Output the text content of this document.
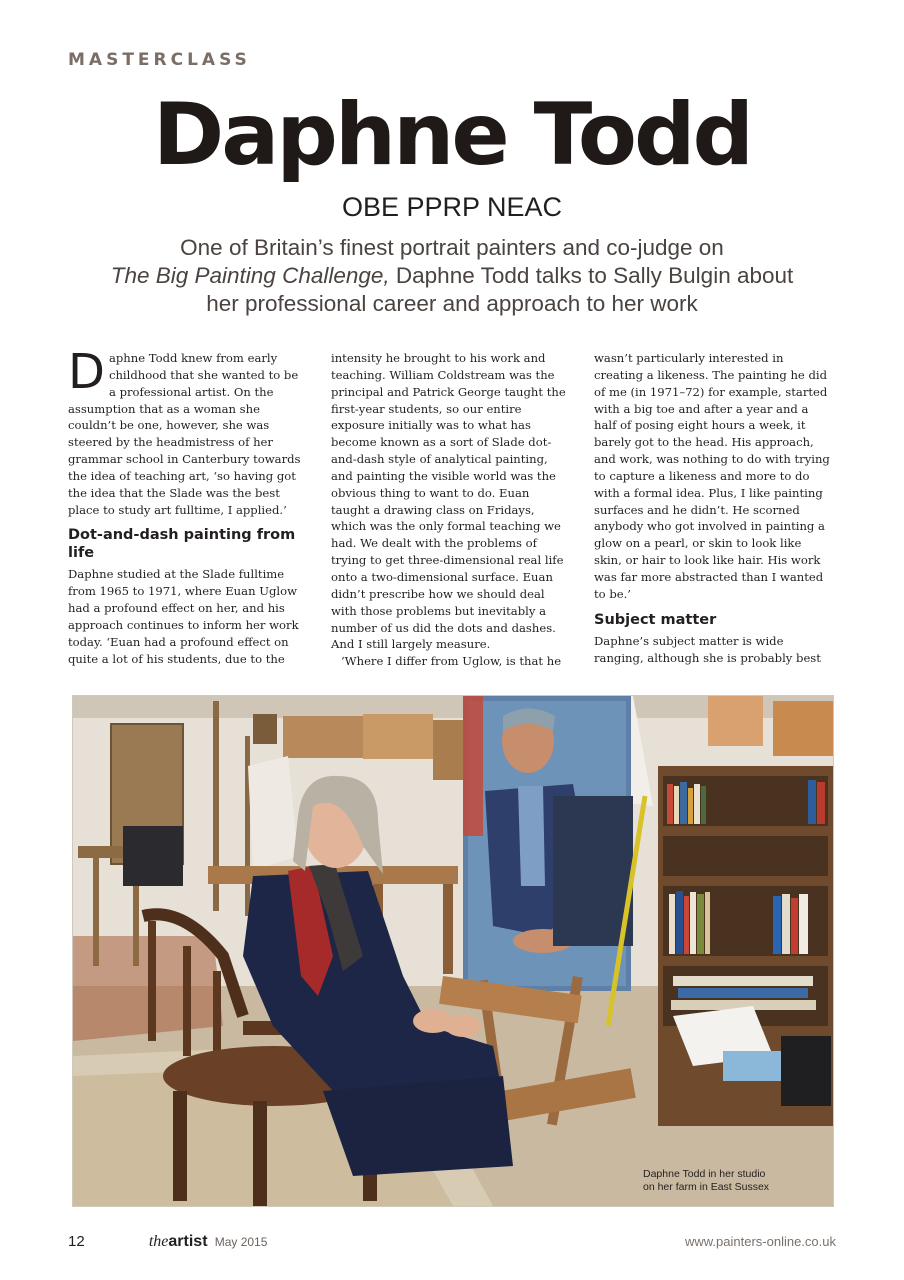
MASTERCLASS
Daphne Todd
OBE PPRP NEAC
One of Britain’s finest portrait painters and co-judge on
The Big Painting Challenge, Daphne Todd talks to Sally Bulgin about
her professional career and approach to her work

Daphne Todd knew from early childhood that she wanted to be a professional artist. On the assumption that as a woman she couldn’t be one, however, she was steered by the headmistress of her grammar school in Canterbury towards the idea of teaching art, ‘so having got the idea that the Slade was the best place to study art fulltime, I applied.’

Dot-and-dash painting from life

Daphne studied at the Slade fulltime from 1965 to 1971, where Euan Uglow had a profound effect on her, and his approach continues to inform her work today. ‘Euan had a profound effect on quite a lot of his students, due to the

intensity he brought to his work and teaching. William Coldstream was the principal and Patrick George taught the first-year students, so our entire exposure initially was to what has become known as a sort of Slade dot-and-dash style of analytical painting, and painting the visible world was the obvious thing to want to do. Euan taught a drawing class on Fridays, which was the only formal teaching we had. We dealt with the problems of trying to get three-dimensional real life onto a two-dimensional surface. Euan didn’t prescribe how we should deal with those problems but inevitably a number of us did the dots and dashes. And I still largely measure.

‘Where I differ from Uglow, is that he

wasn’t particularly interested in creating a likeness. The painting he did of me (in 1971–72) for example, started with a big toe and after a year and a half of posing eight hours a week, it barely got to the head. His approach, and work, was nothing to do with trying to capture a likeness and more to do with a formal idea. Plus, I like painting surfaces and he didn’t. He scorned anybody who got involved in painting a glow on a pearl, or skin to look like skin, or hair to look like hair. His work was far more abstracted than I wanted to be.’

Subject matter

Daphne’s subject matter is wide ranging, although she is probably best

Daphne Todd in her studio
on her farm in East Sussex
12	theartist May 2015	www.painters-online.co.uk
